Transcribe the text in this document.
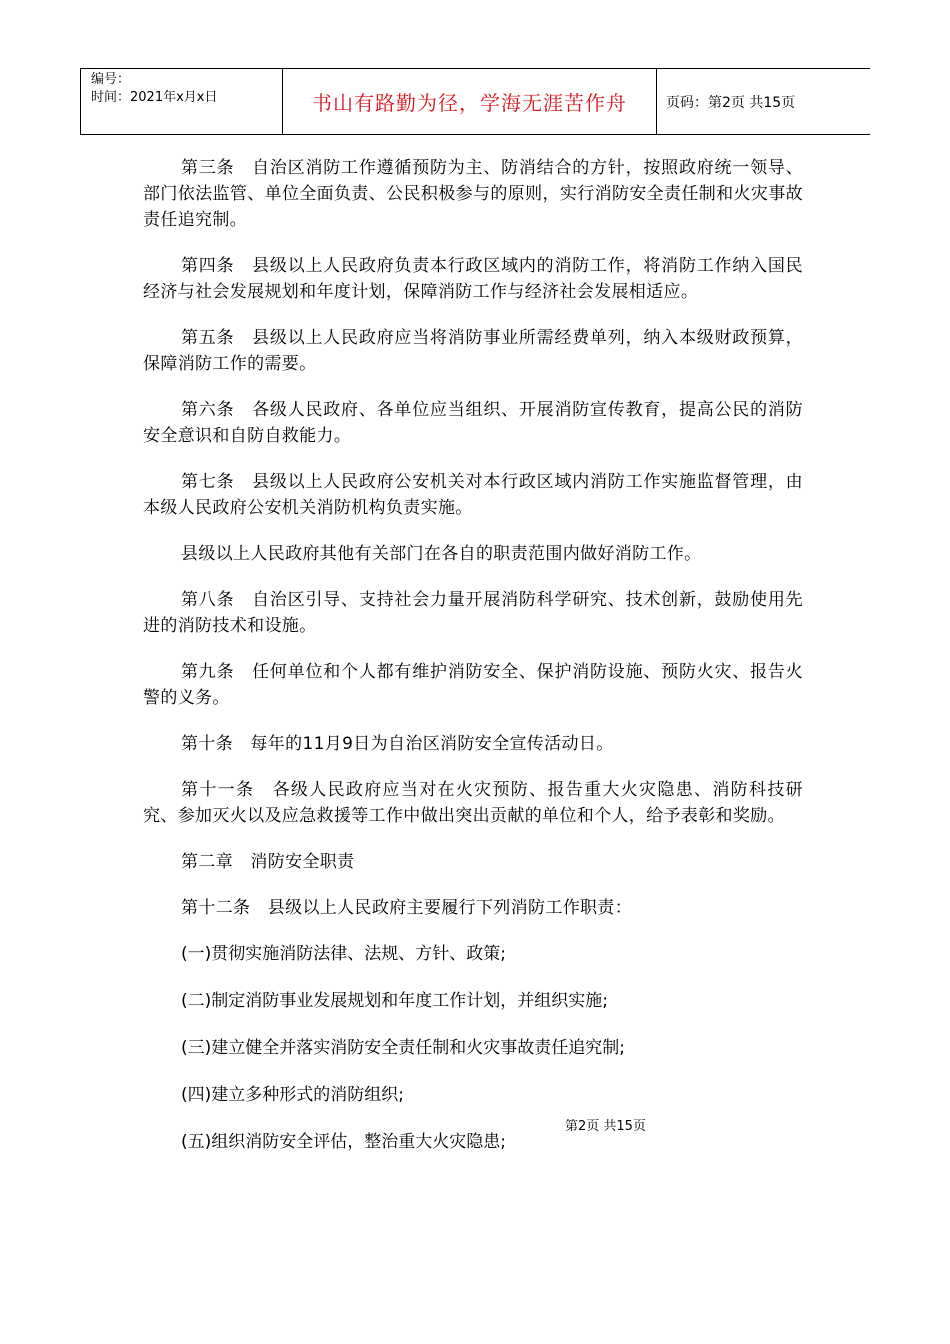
编号：
时间：2021年x月x日	书山有路勤为径，学海无涯苦作舟	页码：第2页 共15页

第三条　自治区消防工作遵循预防为主、防消结合的方针，按照政府统一领导、部门依法监管、单位全面负责、公民积极参与的原则，实行消防安全责任制和火灾事故责任追究制。

第四条　县级以上人民政府负责本行政区域内的消防工作，将消防工作纳入国民经济与社会发展规划和年度计划，保障消防工作与经济社会发展相适应。

第五条　县级以上人民政府应当将消防事业所需经费单列，纳入本级财政预算，保障消防工作的需要。

第六条　各级人民政府、各单位应当组织、开展消防宣传教育，提高公民的消防安全意识和自防自救能力。

第七条　县级以上人民政府公安机关对本行政区域内消防工作实施监督管理，由本级人民政府公安机关消防机构负责实施。

县级以上人民政府其他有关部门在各自的职责范围内做好消防工作。

第八条　自治区引导、支持社会力量开展消防科学研究、技术创新，鼓励使用先进的消防技术和设施。

第九条　任何单位和个人都有维护消防安全、保护消防设施、预防火灾、报告火警的义务。

第十条　每年的11月9日为自治区消防安全宣传活动日。

第十一条　各级人民政府应当对在火灾预防、报告重大火灾隐患、消防科技研究、参加灭火以及应急救援等工作中做出突出贡献的单位和个人，给予表彰和奖励。

第二章　消防安全职责

第十二条　县级以上人民政府主要履行下列消防工作职责：

(一)贯彻实施消防法律、法规、方针、政策;

(二)制定消防事业发展规划和年度工作计划，并组织实施;

(三)建立健全并落实消防安全责任制和火灾事故责任追究制;

(四)建立多种形式的消防组织;

(五)组织消防安全评估，整治重大火灾隐患;

第2页 共15页
